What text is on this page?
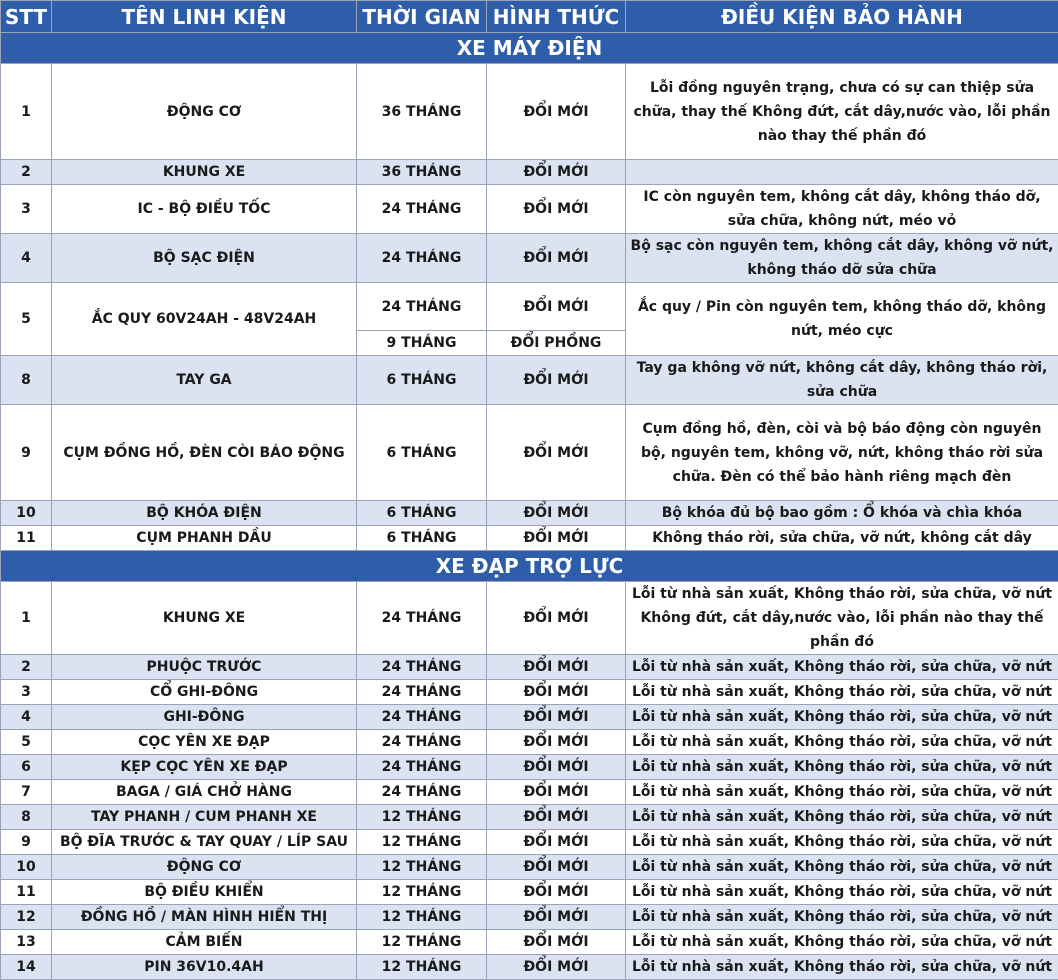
STT	TÊN LINH KIỆN	THỜI GIAN	HÌNH THỨC	ĐIỀU KIỆN BẢO HÀNH
XE MÁY ĐIỆN				
1	ĐỘNG CƠ	36 THÁNG	ĐỔI MỚI	Lỗi đồng nguyên trạng, chưa có sự can thiệp sửa chữa, thay thế Không đứt, cắt dây,nước vào, lỗi phần nào thay thế phần đó
2	KHUNG XE	36 THÁNG	ĐỔI MỚI	
3	IC - BỘ ĐIỀU TỐC	24 THÁNG	ĐỔI MỚI	IC còn nguyên tem, không cắt dây, không tháo dỡ, sửa chữa, không nứt, méo vỏ
4	BỘ SẠC ĐIỆN	24 THÁNG	ĐỔI MỚI	Bộ sạc còn nguyên tem, không cắt dây, không vỡ nứt, không tháo dỡ sửa chữa
5	ẮC QUY 60V24AH - 48V24AH	24 THÁNG	ĐỔI MỚI	Ắc quy / Pin còn nguyên tem, không tháo dỡ, không nứt, méo cực
		9 THÁNG	ĐỔI PHỒNG	
8	TAY GA	6 THÁNG	ĐỔI MỚI	Tay ga không vỡ nứt, không cắt dây, không tháo rời, sửa chữa
9	CỤM ĐỒNG HỒ, ĐÈN CÒI BÁO ĐỘNG	6 THÁNG	ĐỔI MỚI	Cụm đồng hồ, đèn, còi và bộ báo động còn nguyên bộ, nguyên tem, không vỡ, nứt, không tháo rời sửa chữa. Đèn có thể bảo hành riêng mạch đèn
10	BỘ KHÓA ĐIỆN	6 THÁNG	ĐỔI MỚI	Bộ khóa đủ bộ bao gồm : Ổ khóa và chìa khóa
11	CỤM PHANH DẦU	6 THÁNG	ĐỔI MỚI	Không tháo rời, sửa chữa, vỡ nứt, không cắt dây
XE ĐẠP TRỢ LỰC				
1	KHUNG XE	24 THÁNG	ĐỔI MỚI	Lỗi từ nhà sản xuất, Không tháo rời, sửa chữa, vỡ nứt Không đứt, cắt dây,nước vào, lỗi phần nào thay thế phần đó
2	PHUỘC TRƯỚC	24 THÁNG	ĐỔI MỚI	Lỗi từ nhà sản xuất, Không tháo rời, sửa chữa, vỡ nứt
3	CỔ GHI-ĐÔNG	24 THÁNG	ĐỔI MỚI	Lỗi từ nhà sản xuất, Không tháo rời, sửa chữa, vỡ nứt
4	GHI-ĐÔNG	24 THÁNG	ĐỔI MỚI	Lỗi từ nhà sản xuất, Không tháo rời, sửa chữa, vỡ nứt
5	CỌC YÊN XE ĐẠP	24 THÁNG	ĐỔI MỚI	Lỗi từ nhà sản xuất, Không tháo rời, sửa chữa, vỡ nứt
6	KẸP CỌC YÊN XE ĐẠP	24 THÁNG	ĐỔI MỚI	Lỗi từ nhà sản xuất, Không tháo rời, sửa chữa, vỡ nứt
7	BAGA / GIÁ CHỞ HÀNG	24 THÁNG	ĐỔI MỚI	Lỗi từ nhà sản xuất, Không tháo rời, sửa chữa, vỡ nứt
8	TAY PHANH / CUM PHANH XE	12 THÁNG	ĐỔI MỚI	Lỗi từ nhà sản xuất, Không tháo rời, sửa chữa, vỡ nứt
9	BỘ ĐĨA TRƯỚC & TAY QUAY / LÍP SAU	12 THÁNG	ĐỔI MỚI	Lỗi từ nhà sản xuất, Không tháo rời, sửa chữa, vỡ nứt
10	ĐỘNG CƠ	12 THÁNG	ĐỔI MỚI	Lỗi từ nhà sản xuất, Không tháo rời, sửa chữa, vỡ nứt
11	BỘ ĐIỀU KHIỂN	12 THÁNG	ĐỔI MỚI	Lỗi từ nhà sản xuất, Không tháo rời, sửa chữa, vỡ nứt
12	ĐỒNG HỒ / MÀN HÌNH HIỂN THỊ	12 THÁNG	ĐỔI MỚI	Lỗi từ nhà sản xuất, Không tháo rời, sửa chữa, vỡ nứt
13	CẢM BIẾN	12 THÁNG	ĐỔI MỚI	Lỗi từ nhà sản xuất, Không tháo rời, sửa chữa, vỡ nứt
14	PIN 36V10.4AH	12 THÁNG	ĐỔI MỚI	Lỗi từ nhà sản xuất, Không tháo rời, sửa chữa, vỡ nứt
